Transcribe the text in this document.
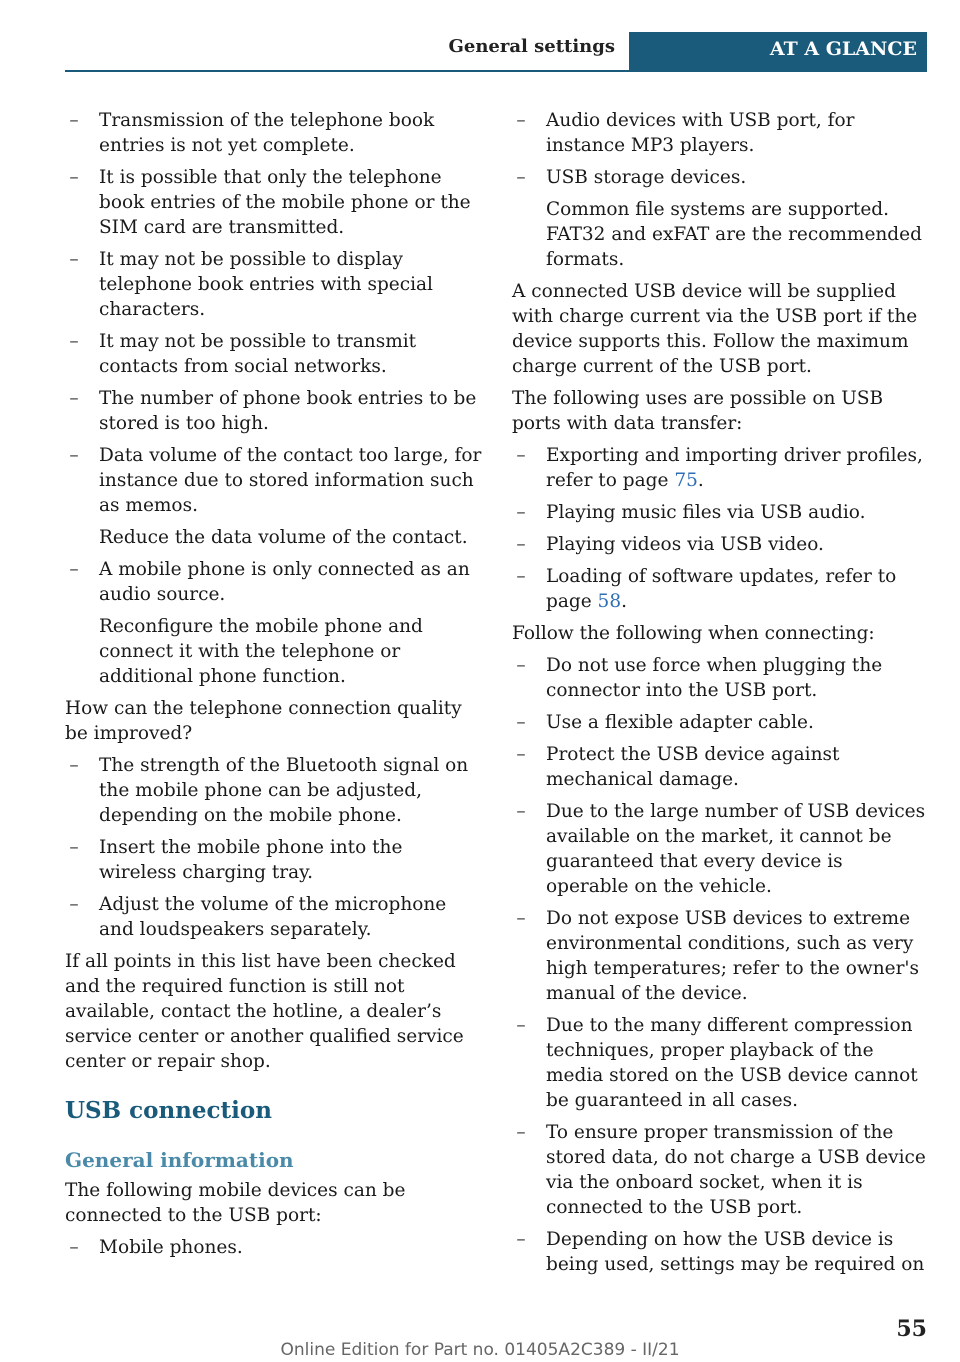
General settings	AT A GLANCE
– Transmission of the telephone book entries is not yet complete.
– It is possible that only the telephone book entries of the mobile phone or the SIM card are transmitted.
– It may not be possible to display telephone book entries with special characters.
– It may not be possible to transmit contacts from social networks.
– The number of phone book entries to be stored is too high.
– Data volume of the contact too large, for instance due to stored information such as memos.
Reduce the data volume of the contact.
– A mobile phone is only connected as an audio source.
Reconfigure the mobile phone and connect it with the telephone or additional phone function.
How can the telephone connection quality be improved?
– The strength of the Bluetooth signal on the mobile phone can be adjusted, depending on the mobile phone.
– Insert the mobile phone into the wireless charging tray.
– Adjust the volume of the microphone and loudspeakers separately.
If all points in this list have been checked and the required function is still not available, contact the hotline, a dealer’s service center or another qualified service center or repair shop.
USB connection
General information
The following mobile devices can be connected to the USB port:
– Mobile phones.
– Audio devices with USB port, for instance MP3 players.
– USB storage devices.
Common file systems are supported. FAT32 and exFAT are the recommended formats.
A connected USB device will be supplied with charge current via the USB port if the device supports this. Follow the maximum charge current of the USB port.
The following uses are possible on USB ports with data transfer:
– Exporting and importing driver profiles, refer to page 75.
– Playing music files via USB audio.
– Playing videos via USB video.
– Loading of software updates, refer to page 58.
Follow the following when connecting:
– Do not use force when plugging the connector into the USB port.
– Use a flexible adapter cable.
– Protect the USB device against mechanical damage.
– Due to the large number of USB devices available on the market, it cannot be guaranteed that every device is operable on the vehicle.
– Do not expose USB devices to extreme environmental conditions, such as very high temperatures; refer to the owner's manual of the device.
– Due to the many different compression techniques, proper playback of the media stored on the USB device cannot be guaranteed in all cases.
– To ensure proper transmission of the stored data, do not charge a USB device via the onboard socket, when it is connected to the USB port.
– Depending on how the USB device is being used, settings may be required on
55
Online Edition for Part no. 01405A2C389 - II/21
